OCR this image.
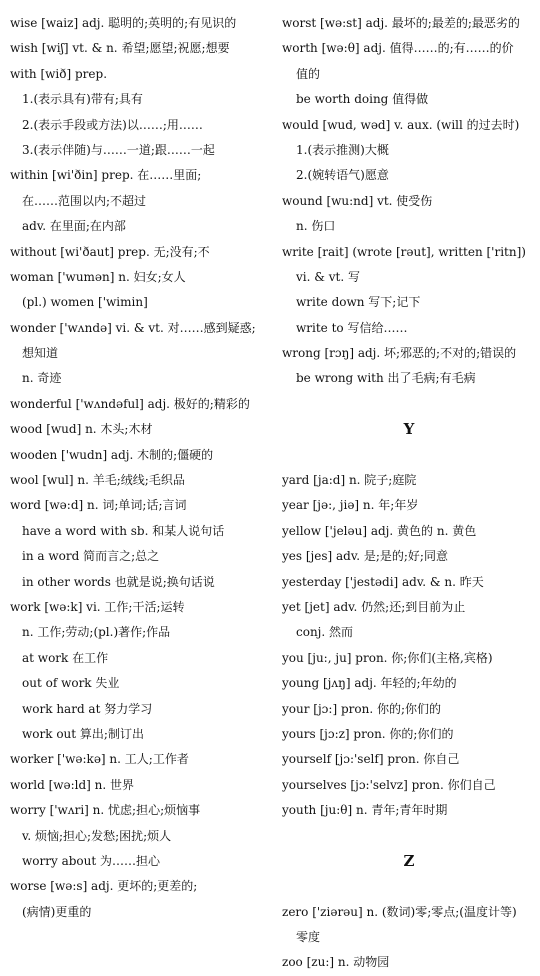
wise [waiz] adj. 聪明的;英明的;有见识的
wish [wiʃ] vt. & n. 希望;愿望;祝愿;想要
with [wið] prep.
1.(表示具有)带有;具有
2.(表示手段或方法)以……;用……
3.(表示伴随)与……一道;跟……一起
within [wi'ðin] prep. 在……里面;
在……范围以内;不超过
adv. 在里面;在内部
without [wi'ðaut] prep. 无;没有;不
woman ['wumən] n. 妇女;女人
(pl.) women ['wimin]
wonder ['wʌndə] vi. & vt. 对……感到疑惑;
想知道
n. 奇迹
wonderful ['wʌndəful] adj. 极好的;精彩的
wood [wud] n. 木头;木材
wooden ['wudn] adj. 木制的;僵硬的
wool [wul] n. 羊毛;绒线;毛织品
word [wə:d] n. 词;单词;话;言词
have a word with sb. 和某人说句话
in a word 简而言之;总之
in other words 也就是说;换句话说
work [wə:k] vi. 工作;干活;运转
n. 工作;劳动;(pl.)著作;作品
at work 在工作
out of work 失业
work hard at 努力学习
work out 算出;制订出
worker ['wə:kə] n. 工人;工作者
world [wə:ld] n. 世界
worry ['wʌri] n. 忧虑;担心;烦恼事
v. 烦恼;担心;发愁;困扰;烦人
worry about 为……担心
worse [wə:s] adj. 更坏的;更差的;
(病情)更重的
worst [wə:st] adj. 最坏的;最差的;最恶劣的
worth [wə:θ] adj. 值得……的;有……的价
值的
be worth doing 值得做
would [wud, wəd] v. aux. (will 的过去时)
1.(表示推测)大概
2.(婉转语气)愿意
wound [wu:nd] vt. 使受伤
n. 伤口
write [rait] (wrote [rəut], written ['ritn])
vi. & vt. 写
write down 写下;记下
write to 写信给……
wrong [rɔŋ] adj. 坏;邪恶的;不对的;错误的
be wrong with 出了毛病;有毛病
Y
yard [ja:d] n. 院子;庭院
year [jə:, jiə] n. 年;年岁
yellow ['jeləu] adj. 黄色的 n. 黄色
yes [jes] adv. 是;是的;好;同意
yesterday ['jestədi] adv. & n. 昨天
yet [jet] adv. 仍然;还;到目前为止
conj. 然而
you [ju:, ju] pron. 你;你们(主格,宾格)
young [jʌŋ] adj. 年轻的;年幼的
your [jɔ:] pron. 你的;你们的
yours [jɔ:z] pron. 你的;你们的
yourself [jɔ:'self] pron. 你自己
yourselves [jɔ:'selvz] pron. 你们自己
youth [ju:θ] n. 青年;青年时期
Z
zero ['ziərəu] n. (数词)零;零点;(温度计等)
零度
zoo [zu:] n. 动物园
